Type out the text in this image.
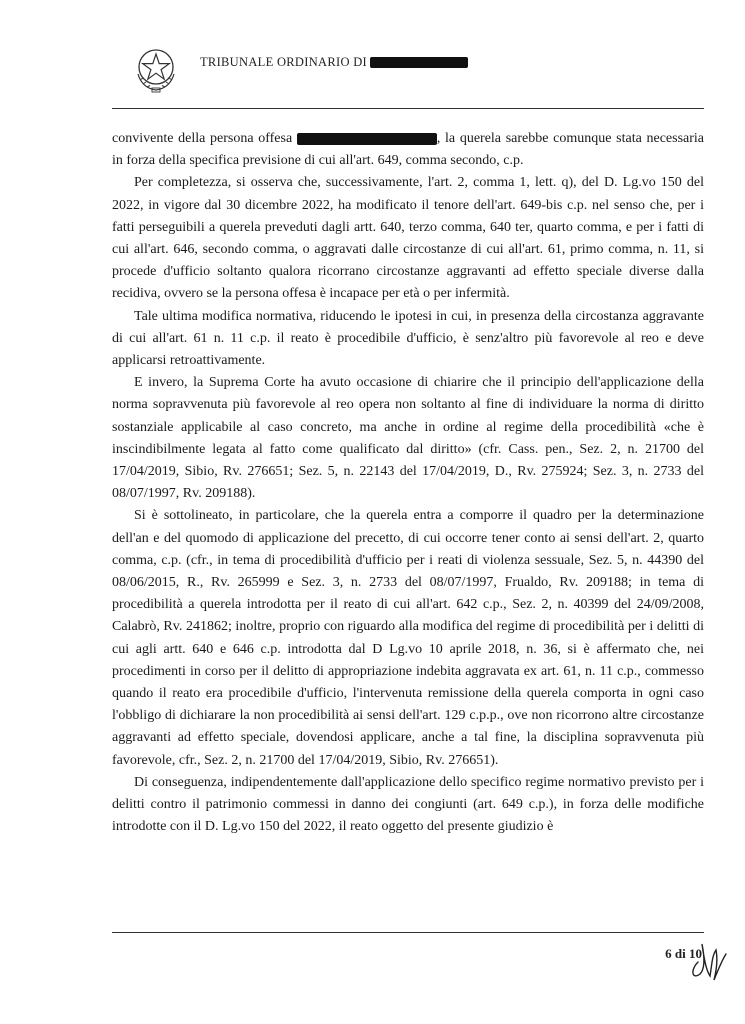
TRIBUNALE ORDINARIO DI

convivente della persona offesa	, la querela sarebbe comunque stata necessaria in forza della specifica previsione di cui all'art. 649, comma secondo, c.p.

Per completezza, si osserva che, successivamente, l'art. 2, comma 1, lett. q), del D. Lg.vo 150 del 2022, in vigore dal 30 dicembre 2022, ha modificato il tenore dell'art. 649-bis c.p. nel senso che, per i fatti perseguibili a querela preveduti dagli artt. 640, terzo comma, 640 ter, quarto comma, e per i fatti di cui all'art. 646, secondo comma, o aggravati dalle circostanze di cui all'art. 61, primo comma, n. 11, si procede d'ufficio soltanto qualora ricorrano circostanze aggravanti ad effetto speciale diverse dalla recidiva, ovvero se la persona offesa è incapace per età o per infermità.

Tale ultima modifica normativa, riducendo le ipotesi in cui, in presenza della circostanza aggravante di cui all'art. 61 n. 11 c.p. il reato è procedibile d'ufficio, è senz'altro più favorevole al reo e deve applicarsi retroattivamente.

E invero, la Suprema Corte ha avuto occasione di chiarire che il principio dell'applicazione della norma sopravvenuta più favorevole al reo opera non soltanto al fine di individuare la norma di diritto sostanziale applicabile al caso concreto, ma anche in ordine al regime della procedibilità «che è inscindibilmente legata al fatto come qualificato dal diritto» (cfr. Cass. pen., Sez. 2, n. 21700 del 17/04/2019, Sibio, Rv. 276651; Sez. 5, n. 22143 del 17/04/2019, D., Rv. 275924; Sez. 3, n. 2733 del 08/07/1997, Rv. 209188).

Si è sottolineato, in particolare, che la querela entra a comporre il quadro per la determinazione dell'an e del quomodo di applicazione del precetto, di cui occorre tener conto ai sensi dell'art. 2, quarto comma, c.p. (cfr., in tema di procedibilità d'ufficio per i reati di violenza sessuale, Sez. 5, n. 44390 del 08/06/2015, R., Rv. 265999 e Sez. 3, n. 2733 del 08/07/1997, Frualdo, Rv. 209188; in tema di procedibilità a querela introdotta per il reato di cui all'art. 642 c.p., Sez. 2, n. 40399 del 24/09/2008, Calabrò, Rv. 241862; inoltre, proprio con riguardo alla modifica del regime di procedibilità per i delitti di cui agli artt. 640 e 646 c.p. introdotta dal D Lg.vo 10 aprile 2018, n. 36, si è affermato che, nei procedimenti in corso per il delitto di appropriazione indebita aggravata ex art. 61, n. 11 c.p., commesso quando il reato era procedibile d'ufficio, l'intervenuta remissione della querela comporta in ogni caso l'obbligo di dichiarare la non procedibilità ai sensi dell'art. 129 c.p.p., ove non ricorrono altre circostanze aggravanti ad effetto speciale, dovendosi applicare, anche a tal fine, la disciplina sopravvenuta più favorevole, cfr., Sez. 2, n. 21700 del 17/04/2019, Sibio, Rv. 276651).

Di conseguenza, indipendentemente dall'applicazione dello specifico regime normativo previsto per i delitti contro il patrimonio commessi in danno dei congiunti (art. 649 c.p.), in forza delle modifiche introdotte con il D. Lg.vo 150 del 2022, il reato oggetto del presente giudizio è

6 di 10
